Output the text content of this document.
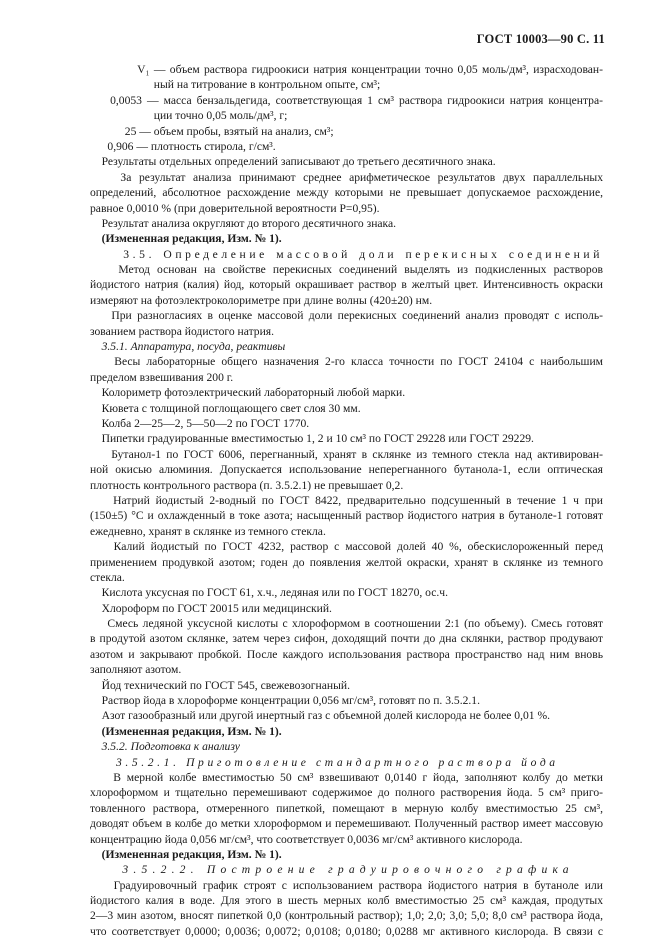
ГОСТ 10003—90 С. 11
V₁ — объем раствора гидроокиси натрия концентрации точно 0,05 моль/дм³, израсходован-
ный на титрование в контрольном опыте, см³;
0,0053 — масса бензальдегида, соответствующая 1 см³ раствора гидроокиси натрия концентра-
ции точно 0,05 моль/дм³, г;
25 — объем пробы, взятый на анализ, см³;
0,906 — плотность стирола, г/см³.
Результаты отдельных определений записывают до третьего десятичного знака.
За результат анализа принимают среднее арифметическое результатов двух параллельных
определений, абсолютное расхождение между которыми не превышает допускаемое расхождение,
равное 0,0010 % (при доверительной вероятности P=0,95).
Результат анализа округляют до второго десятичного знака.
(Измененная редакция, Изм. № 1).
3.5. Определение массовой доли перекисных соединений
Метод основан на свойстве перекисных соединений выделять из подкисленных растворов
йодистого натрия (калия) йод, который окрашивает раствор в желтый цвет. Интенсивность окраски
измеряют на фотоэлектроколориметре при длине волны (420±20) нм.
При разногласиях в оценке массовой доли перекисных соединений анализ проводят с исполь-
зованием раствора йодистого натрия.
3.5.1. Аппаратура, посуда, реактивы
Весы лабораторные общего назначения 2-го класса точности по ГОСТ 24104 с наибольшим
пределом взвешивания 200 г.
Колориметр фотоэлектрический лабораторный любой марки.
Кювета с толщиной поглощающего свет слоя 30 мм.
Колба 2—25—2, 5—50—2 по ГОСТ 1770.
Пипетки градуированные вместимостью 1, 2 и 10 см³ по ГОСТ 29228 или ГОСТ 29229.
Бутанол-1 по ГОСТ 6006, перегнанный, хранят в склянке из темного стекла над активирован-
ной окисью алюминия. Допускается использование неперегнанного бутанола-1, если оптическая
плотность контрольного раствора (п. 3.5.2.1) не превышает 0,2.
Натрий йодистый 2-водный по ГОСТ 8422, предварительно подсушенный в течение 1 ч при
(150±5) °С и охлажденный в токе азота; насыщенный раствор йодистого натрия в бутаноле-1 готовят
ежедневно, хранят в склянке из темного стекла.
Калий йодистый по ГОСТ 4232, раствор с массовой долей 40 %, обескислороженный перед
применением продувкой азотом; годен до появления желтой окраски, хранят в склянке из темного
стекла.
Кислота уксусная по ГОСТ 61, х.ч., ледяная или по ГОСТ 18270, ос.ч.
Хлороформ по ГОСТ 20015 или медицинский.
Смесь ледяной уксусной кислоты с хлороформом в соотношении 2:1 (по объему). Смесь готовят
в продутой азотом склянке, затем через сифон, доходящий почти до дна склянки, раствор продувают
азотом и закрывают пробкой. После каждого использования раствора пространство над ним вновь
заполняют азотом.
Йод технический по ГОСТ 545, свежевозогнаный.
Раствор йода в хлороформе концентрации 0,056 мг/см³, готовят по п. 3.5.2.1.
Азот газообразный или другой инертный газ с объемной долей кислорода не более 0,01 %.
(Измененная редакция, Изм. № 1).
3.5.2. Подготовка к анализу
3.5.2.1. Приготовление стандартного раствора йода
В мерной колбе вместимостью 50 см³ взвешивают 0,0140 г йода, заполняют колбу до метки
хлороформом и тщательно перемешивают содержимое до полного растворения йода. 5 см³ приго-
товленного раствора, отмеренного пипеткой, помещают в мерную колбу вместимостью 25 см³,
доводят объем в колбе до метки хлороформом и перемешивают. Полученный раствор имеет массовую
концентрацию йода 0,056 мг/см³, что соответствует 0,0036 мг/см³ активного кислорода.
(Измененная редакция, Изм. № 1).
3.5.2.2. Построение градуировочного графика
Градуировочный график строят с использованием раствора йодистого натрия в бутаноле или
йодистого калия в воде. Для этого в шесть мерных колб вместимостью 25 см³ каждая, продутых
2—3 мин азотом, вносят пипеткой 0,0 (контрольный раствор); 1,0; 2,0; 3,0; 5,0; 8,0 см³ раствора йода,
что соответствует 0,0000; 0,0036; 0,0072; 0,0108; 0,0180; 0,0288 мг активного кислорода. В связи с
